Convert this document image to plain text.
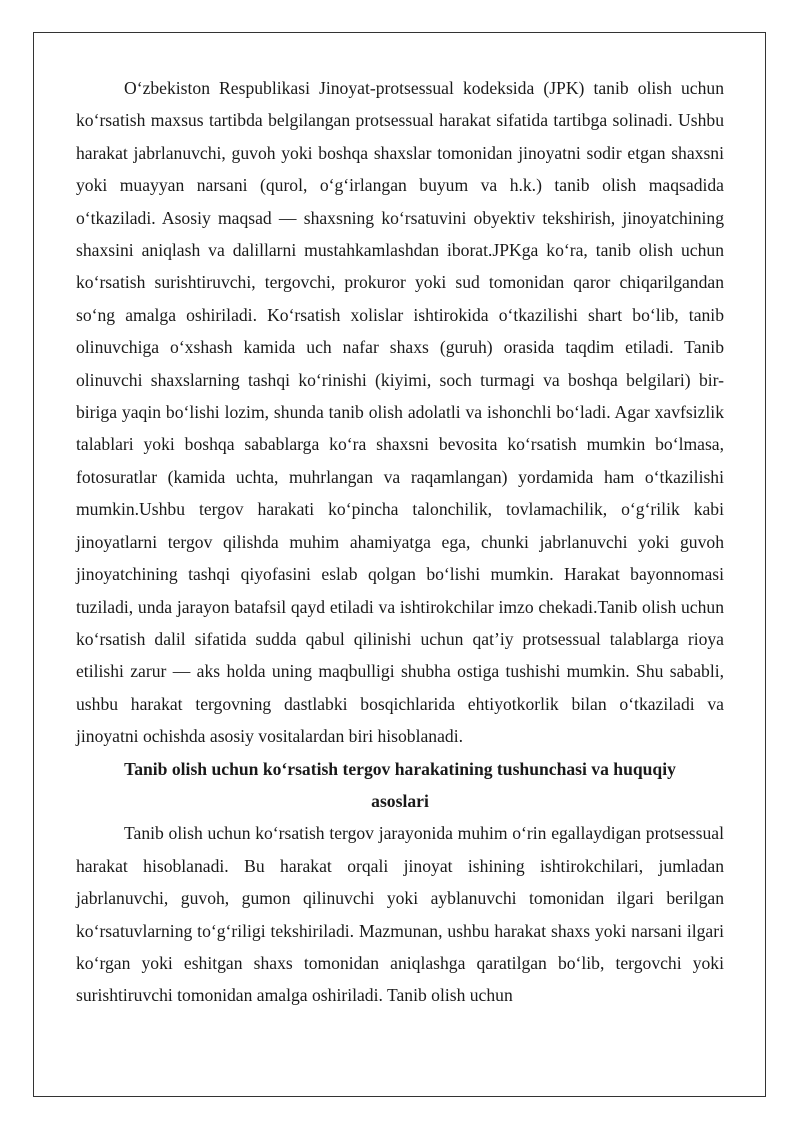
O‘zbekiston Respublikasi Jinoyat-protsessual kodeksida (JPK) tanib olish uchun ko‘rsatish maxsus tartibda belgilangan protsessual harakat sifatida tartibga solinadi. Ushbu harakat jabrlanuvchi, guvoh yoki boshqa shaxslar tomonidan jinoyatni sodir etgan shaxsni yoki muayyan narsani (qurol, o‘g‘irlangan buyum va h.k.) tanib olish maqsadida o‘tkaziladi. Asosiy maqsad — shaxsning ko‘rsatuvini obyektiv tekshirish, jinoyatchining shaxsini aniqlash va dalillarni mustahkamlashdan iborat.JPKga ko‘ra, tanib olish uchun ko‘rsatish surishtiruvchi, tergovchi, prokuror yoki sud tomonidan qaror chiqarilgandan so‘ng amalga oshiriladi. Ko‘rsatish xolislar ishtirokida o‘tkazilishi shart bo‘lib, tanib olinuvchiga o‘xshash kamida uch nafar shaxs (guruh) orasida taqdim etiladi. Tanib olinuvchi shaxslarning tashqi ko‘rinishi (kiyimi, soch turmagi va boshqa belgilari) bir-biriga yaqin bo‘lishi lozim, shunda tanib olish adolatli va ishonchli bo‘ladi. Agar xavfsizlik talablari yoki boshqa sabablarga ko‘ra shaxsni bevosita ko‘rsatish mumkin bo‘lmasa, fotosuratlar (kamida uchta, muhrlangan va raqamlangan) yordamida ham o‘tkazilishi mumkin.Ushbu tergov harakati ko‘pincha talonchilik, tovlamachilik, o‘g‘rilik kabi jinoyatlarni tergov qilishda muhim ahamiyatga ega, chunki jabrlanuvchi yoki guvoh jinoyatchining tashqi qiyofasini eslab qolgan bo‘lishi mumkin. Harakat bayonnomasi tuziladi, unda jarayon batafsil qayd etiladi va ishtirokchilar imzo chekadi.Tanib olish uchun ko‘rsatish dalil sifatida sudda qabul qilinishi uchun qat’iy protsessual talablarga rioya etilishi zarur — aks holda uning maqbulligi shubha ostiga tushishi mumkin. Shu sababli, ushbu harakat tergovning dastlabki bosqichlarida ehtiyotkorlik bilan o‘tkaziladi va jinoyatni ochishda asosiy vositalardan biri hisoblanadi.

Tanib olish uchun ko‘rsatish tergov harakatining tushunchasi va huquqiy asoslari

Tanib olish uchun ko‘rsatish tergov jarayonida muhim o‘rin egallaydigan protsessual harakat hisoblanadi. Bu harakat orqali jinoyat ishining ishtirokchilari, jumladan jabrlanuvchi, guvoh, gumon qilinuvchi yoki ayblanuvchi tomonidan ilgari berilgan ko‘rsatuvlarning to‘g‘riligi tekshiriladi. Mazmunan, ushbu harakat shaxs yoki narsani ilgari ko‘rgan yoki eshitgan shaxs tomonidan aniqlashga qaratilgan bo‘lib, tergovchi yoki surishtiruvchi tomonidan amalga oshiriladi. Tanib olish uchun
